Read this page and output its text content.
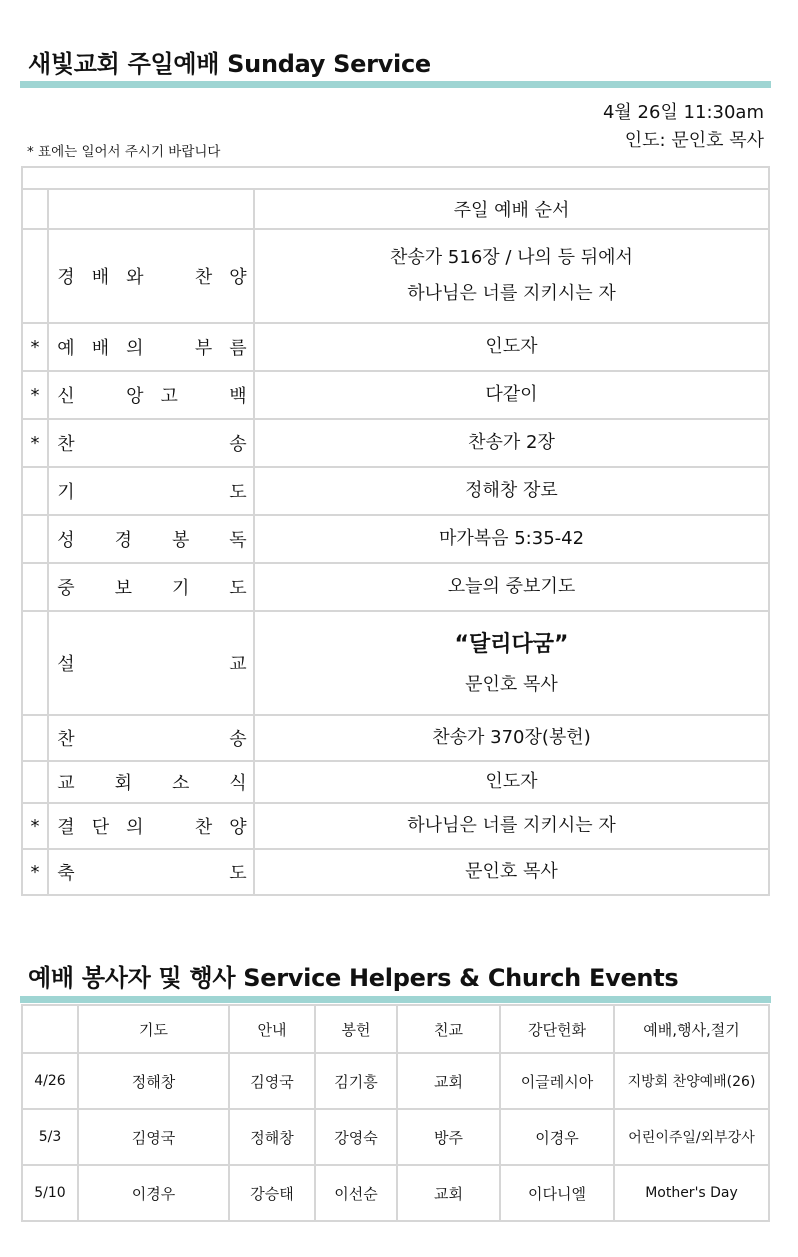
새빛교회 주일예배 Sunday Service
4월 26일 11:30am
인도: 문인호 목사
* 표에는 일어서 주시기 바랍니다

		주일 예배 순서

	경 배 와 찬 양	찬송가 516장 / 나의 등 뒤에서
하나님은 너를 지키시는 자

*	예 배 의 부 름	인도자

*	신 앙 고 백	다같이

*	찬 송	찬송가 2장

	기 도	정해창 장로

	성 경 봉 독	마가복음 5:35-42

	중 보 기 도	오늘의 중보기도

	설 교	“달리다굼”
문인호 목사

	찬 송	찬송가 370장(봉헌)

	교 회 소 식	인도자

*	결 단 의 찬 양	하나님은 너를 지키시는 자

*	축 도	문인호 목사
예배 봉사자 및 행사 Service Helpers & Church Events
	기도	안내	봉헌	친교	강단헌화	예배,행사,절기
4/26	정해창	김영국	김기흥	교회	이글레시아	지방회 찬양예배(26)
5/3	김영국	정해창	강영숙	방주	이경우	어린이주일/외부강사
5/10	이경우	강승태	이선순	교회	이다니엘	Mother's Day
